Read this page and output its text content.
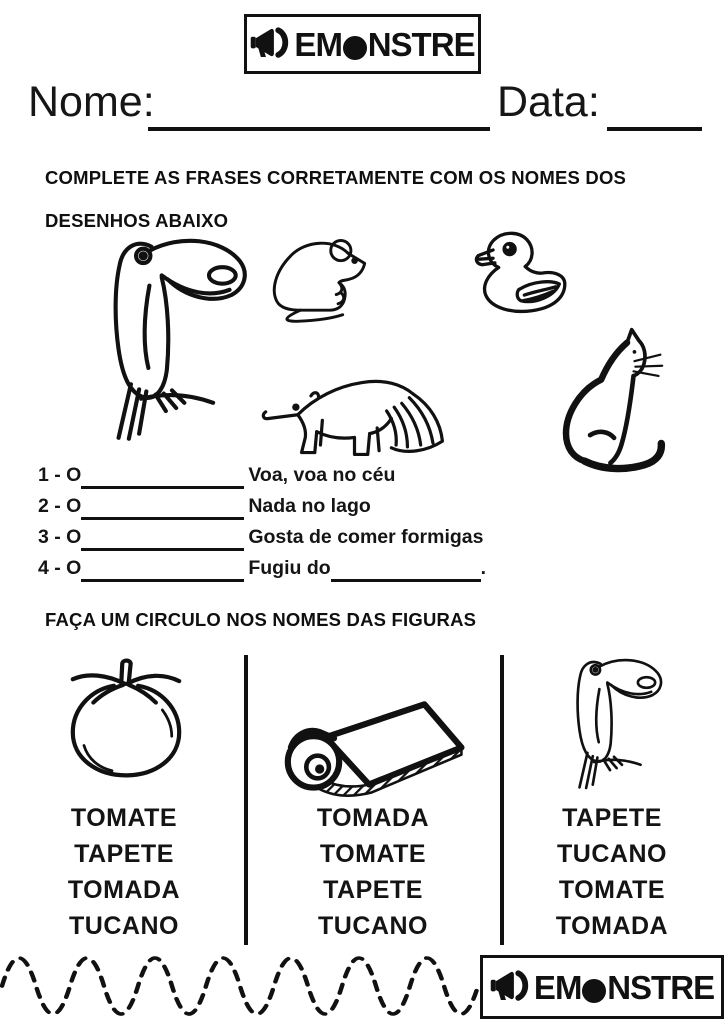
E M N S T R E
Nome:	Data:
COMPLETE AS FRASES CORRETAMENTE COM OS NOMES DOS
DESENHOS ABAIXO
1 - O	Voa, voa no céu
2 - O	Nada no lago
3 - O	Gosta de comer formigas
4 - O	Fugiu do	.
FAÇA UM CIRCULO NOS NOMES DAS FIGURAS
TOMATE
TAPETE
TOMADA
TUCANO
TOMADA
TOMATE
TAPETE
TUCANO
TAPETE
TUCANO
TOMATE
TOMADA
E M N S T R E
